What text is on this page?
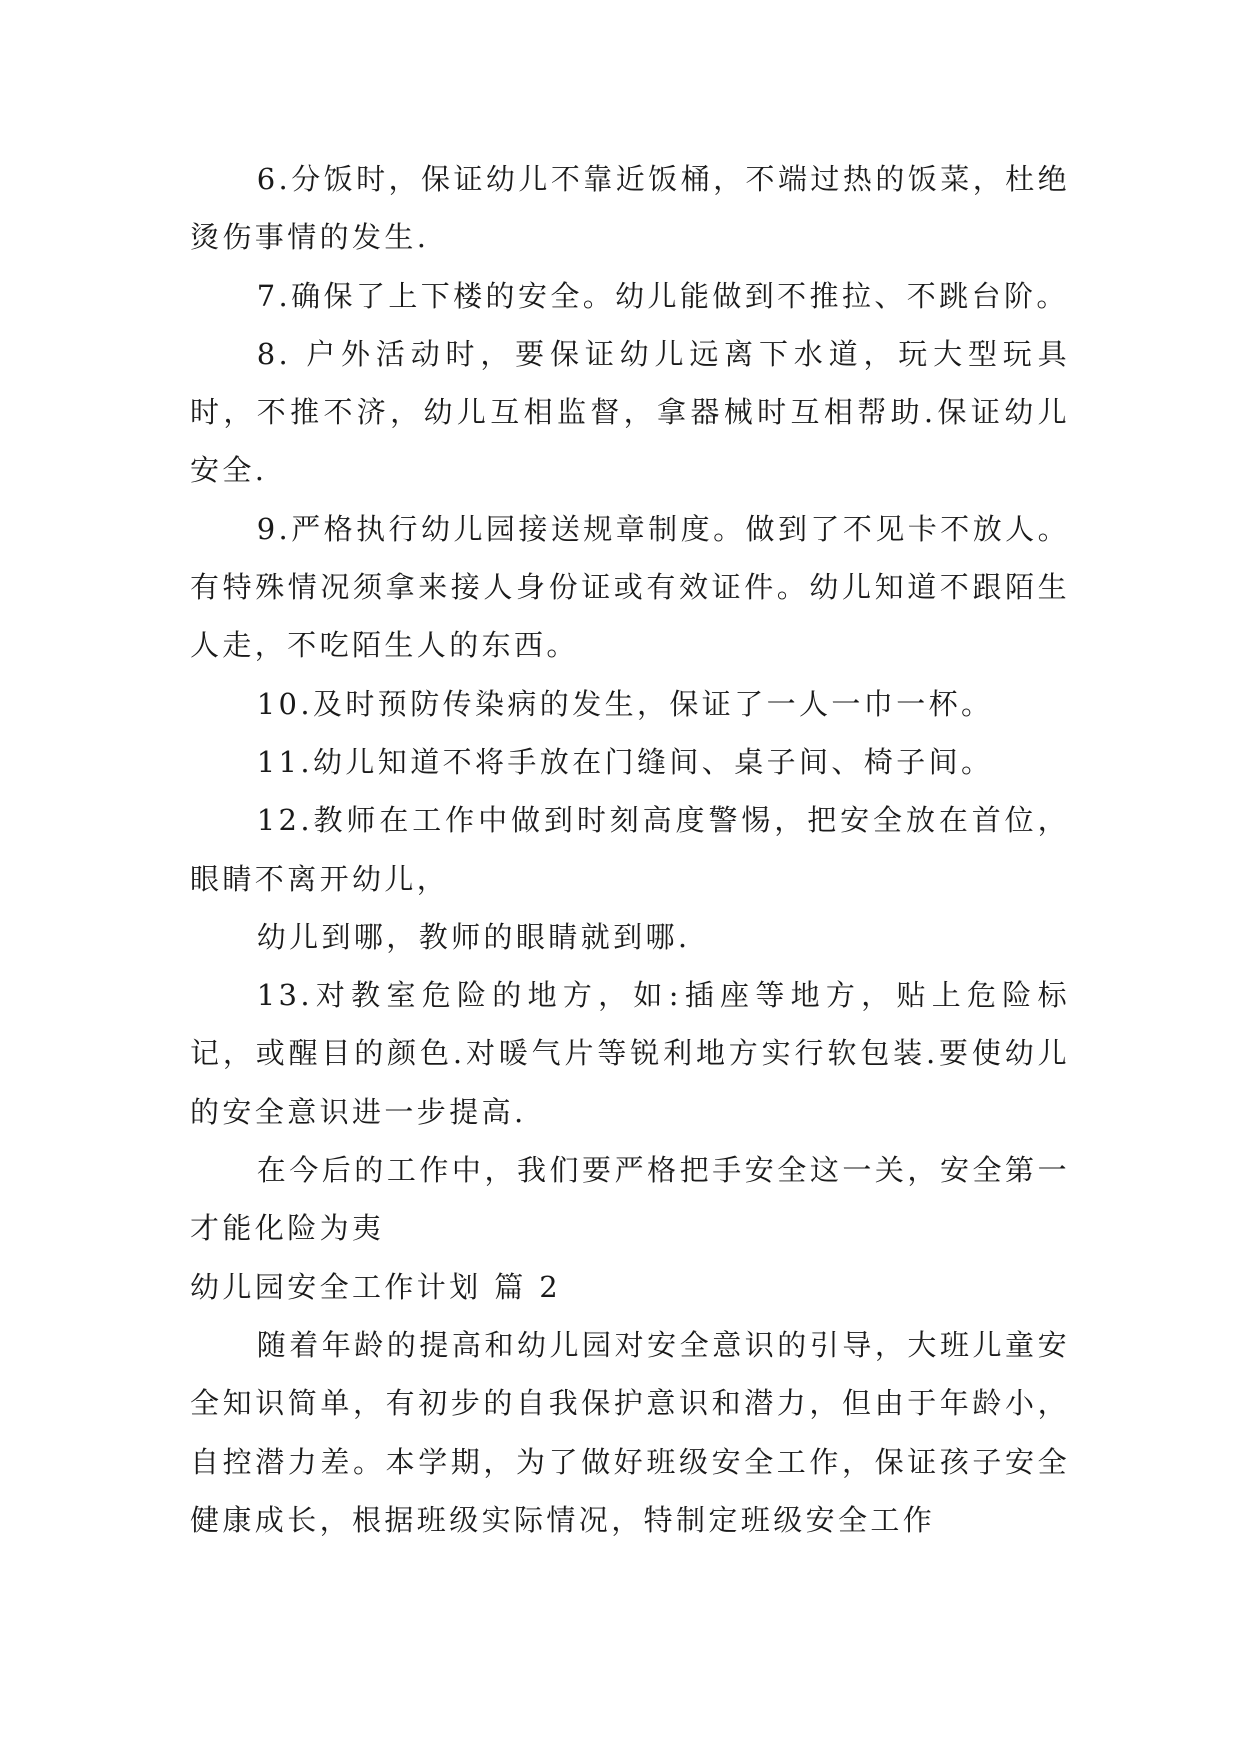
6.分饭时，保证幼儿不靠近饭桶，不端过热的饭菜，杜绝烫伤事情的发生.

7.确保了上下楼的安全。幼儿能做到不推拉、不跳台阶。

8. 户外活动时，要保证幼儿远离下水道，玩大型玩具时，不推不济，幼儿互相监督，拿器械时互相帮助.保证幼儿安全.

9.严格执行幼儿园接送规章制度。做到了不见卡不放人。有特殊情况须拿来接人身份证或有效证件。幼儿知道不跟陌生人走，不吃陌生人的东西。

10.及时预防传染病的发生，保证了一人一巾一杯。

11.幼儿知道不将手放在门缝间、桌子间、椅子间。

12.教师在工作中做到时刻高度警惕，把安全放在首位，眼睛不离开幼儿，

幼儿到哪，教师的眼睛就到哪.

13.对教室危险的地方，如:插座等地方，贴上危险标记，或醒目的颜色.对暖气片等锐利地方实行软包装.要使幼儿的安全意识进一步提高.

在今后的工作中，我们要严格把手安全这一关，安全第一才能化险为夷

幼儿园安全工作计划 篇 2

随着年龄的提高和幼儿园对安全意识的引导，大班儿童安全知识简单，有初步的自我保护意识和潜力，但由于年龄小，自控潜力差。本学期，为了做好班级安全工作，保证孩子安全健康成长，根据班级实际情况，特制定班级安全工作
